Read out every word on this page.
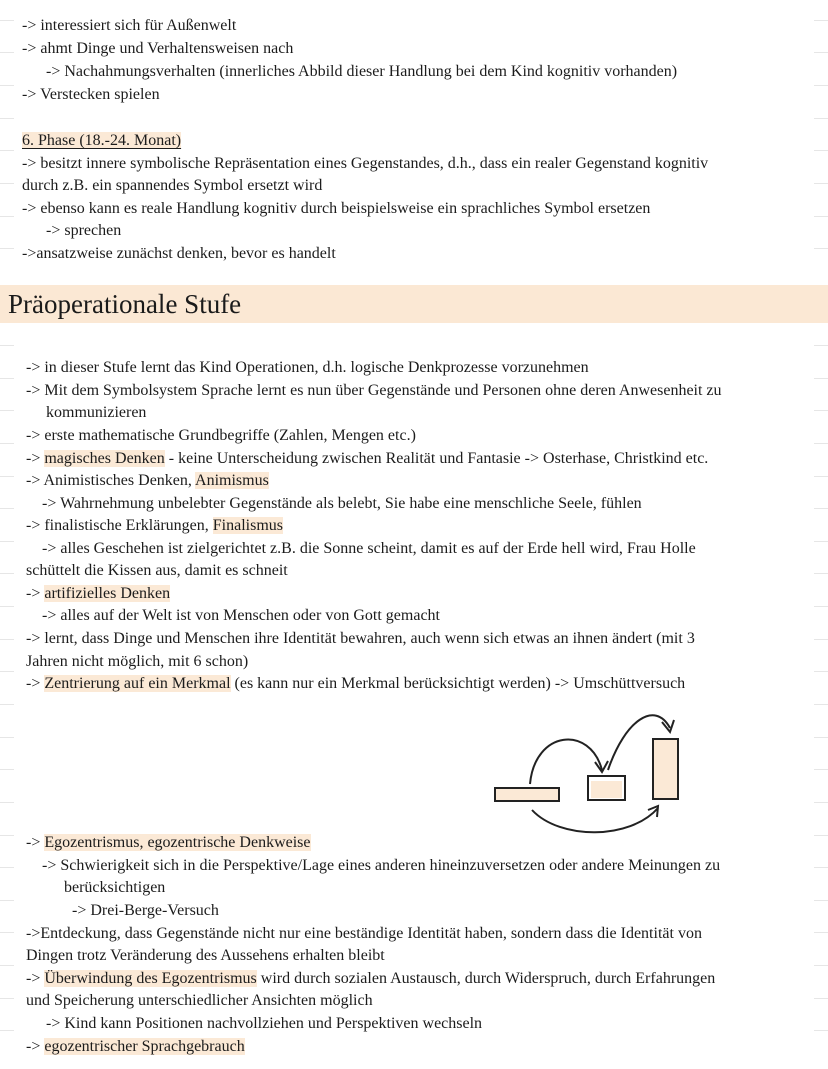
-> interessiert sich für Außenwelt
-> ahmt Dinge und Verhaltensweisen nach
-> Nachahmungsverhalten (innerliches Abbild dieser Handlung bei dem Kind kognitiv vorhanden)
-> Verstecken spielen
6. Phase (18.-24. Monat)
-> besitzt innere symbolische Repräsentation eines Gegenstandes, d.h., dass ein realer Gegenstand kognitiv
durch z.B. ein spannendes Symbol ersetzt wird
-> ebenso kann es reale Handlung kognitiv durch beispielsweise ein sprachliches Symbol ersetzen
-> sprechen
->ansatzweise zunächst denken, bevor es handelt
Präoperationale Stufe
-> in dieser Stufe lernt das Kind Operationen, d.h. logische Denkprozesse vorzunehmen
-> Mit dem Symbolsystem Sprache lernt es nun über Gegenstände und Personen ohne deren Anwesenheit zu
kommunizieren
-> erste mathematische Grundbegriffe (Zahlen, Mengen etc.)
-> magisches Denken - keine Unterscheidung zwischen Realität und Fantasie -> Osterhase, Christkind etc.
-> Animistisches Denken, Animismus
-> Wahrnehmung unbelebter Gegenstände als belebt, Sie habe eine menschliche Seele, fühlen
-> finalistische Erklärungen, Finalismus
-> alles Geschehen ist zielgerichtet z.B. die Sonne scheint, damit es auf der Erde hell wird, Frau Holle
schüttelt die Kissen aus, damit es schneit
-> artifizielles Denken
-> alles auf der Welt ist von Menschen oder von Gott gemacht
-> lernt, dass Dinge und Menschen ihre Identität bewahren, auch wenn sich etwas an ihnen ändert (mit 3
Jahren nicht möglich, mit 6 schon)
-> Zentrierung auf ein Merkmal (es kann nur ein Merkmal berücksichtigt werden) -> Umschüttversuch
-> Egozentrismus, egozentrische Denkweise
-> Schwierigkeit sich in die Perspektive/Lage eines anderen hineinzuversetzen oder andere Meinungen zu
berücksichtigen
-> Drei-Berge-Versuch
->Entdeckung, dass Gegenstände nicht nur eine beständige Identität haben, sondern dass die Identität von
Dingen trotz Veränderung des Aussehens erhalten bleibt
-> Überwindung des Egozentrismus wird durch sozialen Austausch, durch Widerspruch, durch Erfahrungen
und Speicherung unterschiedlicher Ansichten möglich
-> Kind kann Positionen nachvollziehen und Perspektiven wechseln
-> egozentrischer Sprachgebrauch
